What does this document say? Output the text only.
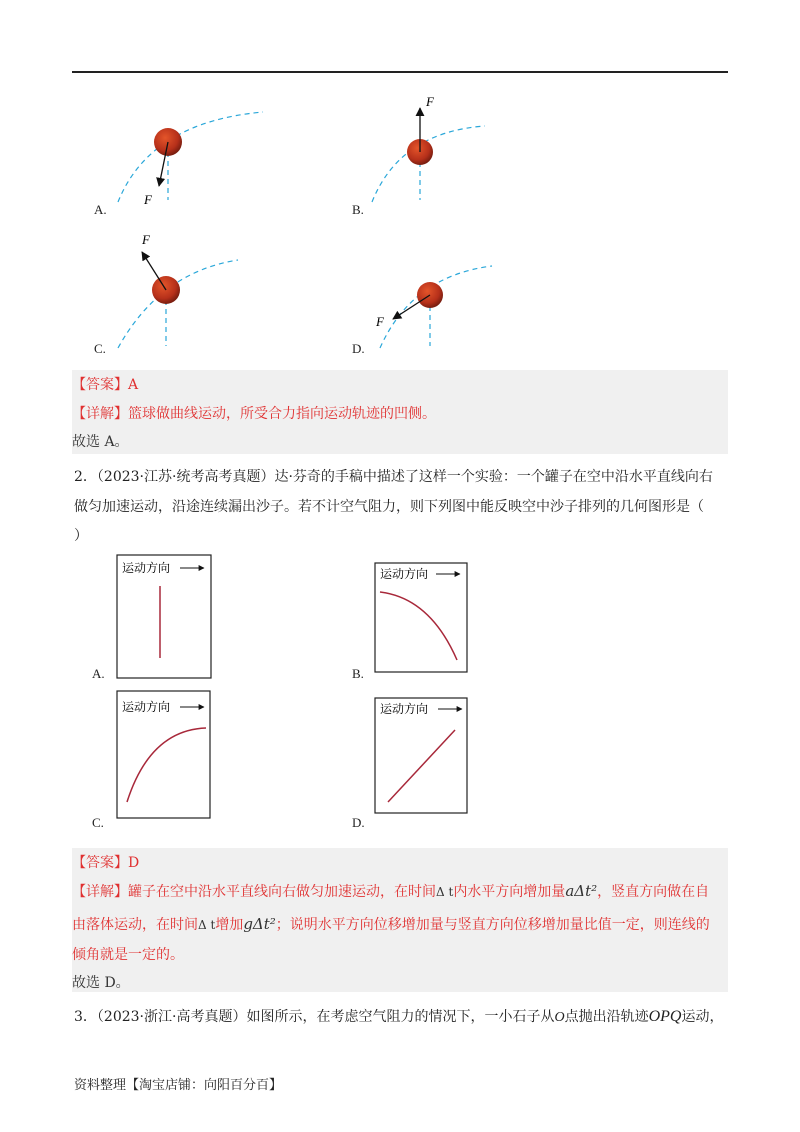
F
F
F
F
A.	B.
C.	D.
【答案】A
【详解】篮球做曲线运动，所受合力指向运动轨迹的凹侧。
故选 A。
2．（2023·江苏·统考高考真题）达·芬奇的手稿中描述了这样一个实验：一个罐子在空中沿水平直线向右
做匀加速运动，沿途连续漏出沙子。若不计空气阻力，则下列图中能反映空中沙子排列的几何图形是（
）
运动方向	运动方向
运动方向	运动方向
A.	B.
C.	D.
【答案】D
【详解】罐子在空中沿水平直线向右做匀加速运动，在时间Δ t内水平方向增加量aΔt²，竖直方向做在自
由落体运动，在时间Δ t增加gΔt²；说明水平方向位移增加量与竖直方向位移增加量比值一定，则连线的
倾角就是一定的。
故选 D。
3．（2023·浙江·高考真题）如图所示，在考虑空气阻力的情况下，一小石子从O点抛出沿轨迹OPQ运动，
资料整理【淘宝店铺：向阳百分百】
